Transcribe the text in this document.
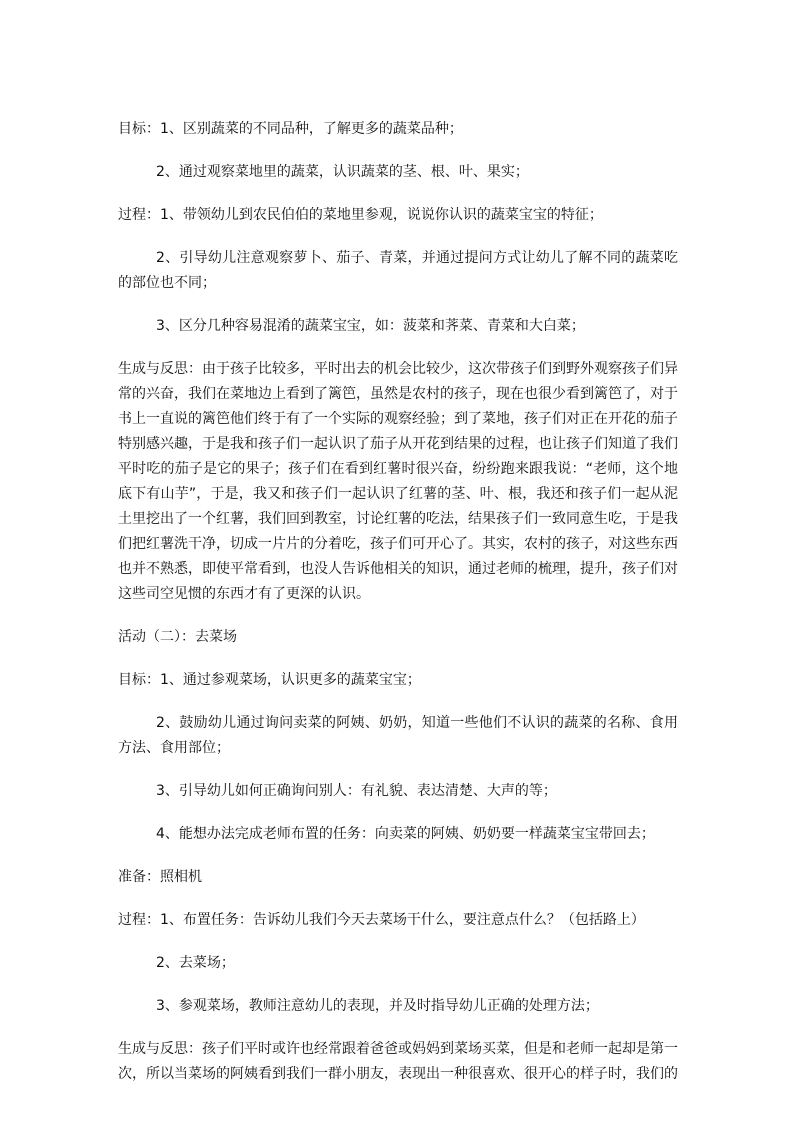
目标：1、区别蔬菜的不同品种，了解更多的蔬菜品种；

2、通过观察菜地里的蔬菜，认识蔬菜的茎、根、叶、果实；

过程：1、带领幼儿到农民伯伯的菜地里参观，说说你认识的蔬菜宝宝的特征；

2、引导幼儿注意观察萝卜、茄子、青菜，并通过提问方式让幼儿了解不同的蔬菜吃的部位也不同；

3、区分几种容易混淆的蔬菜宝宝，如：菠菜和荠菜、青菜和大白菜；

生成与反思：由于孩子比较多，平时出去的机会比较少，这次带孩子们到野外观察孩子们异常的兴奋，我们在菜地边上看到了篱笆，虽然是农村的孩子，现在也很少看到篱笆了，对于书上一直说的篱笆他们终于有了一个实际的观察经验；到了菜地，孩子们对正在开花的茄子特别感兴趣，于是我和孩子们一起认识了茄子从开花到结果的过程，也让孩子们知道了我们平时吃的茄子是它的果子；孩子们在看到红薯时很兴奋，纷纷跑来跟我说：“老师，这个地底下有山芋”，于是，我又和孩子们一起认识了红薯的茎、叶、根，我还和孩子们一起从泥土里挖出了一个红薯，我们回到教室，讨论红薯的吃法，结果孩子们一致同意生吃，于是我们把红薯洗干净，切成一片片的分着吃，孩子们可开心了。其实，农村的孩子，对这些东西也并不熟悉，即使平常看到，也没人告诉他相关的知识，通过老师的梳理，提升，孩子们对这些司空见惯的东西才有了更深的认识。

活动（二）：去菜场

目标：1、通过参观菜场，认识更多的蔬菜宝宝；

2、鼓励幼儿通过询问卖菜的阿姨、奶奶，知道一些他们不认识的蔬菜的名称、食用方法、食用部位；

3、引导幼儿如何正确询问别人：有礼貌、表达清楚、大声的等；

4、能想办法完成老师布置的任务：向卖菜的阿姨、奶奶要一样蔬菜宝宝带回去；

准备：照相机

过程：1、布置任务：告诉幼儿我们今天去菜场干什么，要注意点什么？（包括路上）

2、去菜场；

3、参观菜场，教师注意幼儿的表现，并及时指导幼儿正确的处理方法；

生成与反思：孩子们平时或许也经常跟着爸爸或妈妈到菜场买菜，但是和老师一起却是第一次，所以当菜场的阿姨看到我们一群小朋友，表现出一种很喜欢、很开心的样子时，我们的
